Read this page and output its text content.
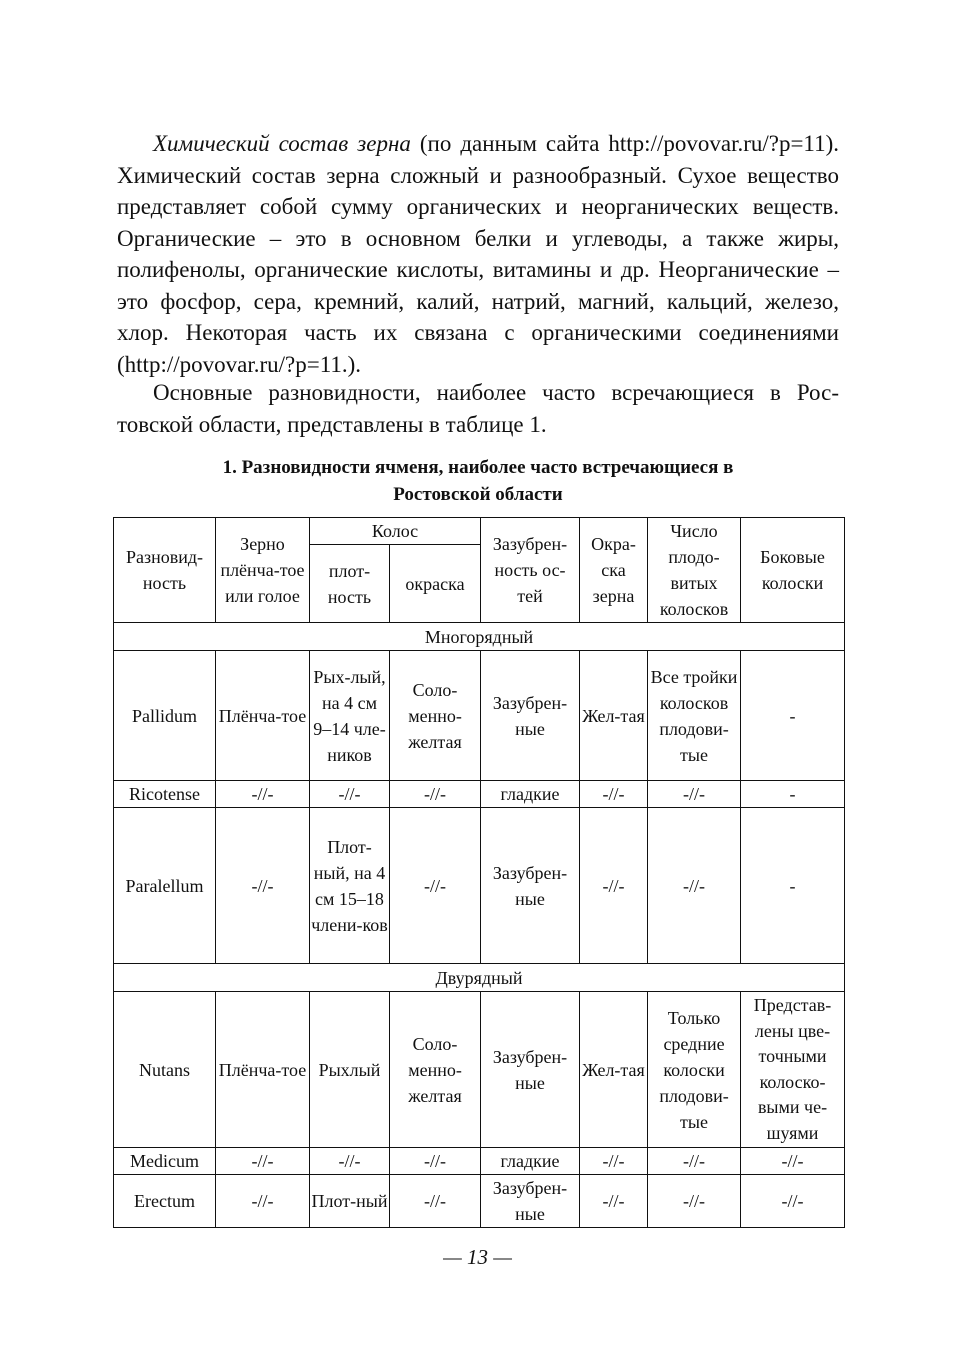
Химический состав зерна (по данным сайта http://povovar.ru/?p=11). Химический состав зерна сложный и разнообразный. Сухое вещество представляет собой сумму органических и неорганических веществ. Органические – это в основном белки и углеводы, а также жиры, полифенолы, органические кислоты, витамины и др. Неорганические – это фосфор, сера, кремний, калий, натрий, магний, кальций, железо, хлор. Некоторая часть их связана с органическими соединениями (http://povovar.ru/?p=11.).

Основные разновидности, наиболее часто всречающиеся в Ростовской области, представлены в таблице 1.

1. Разновидности ячменя, наиболее часто встречающиеся в
Ростовской области
Разновид-ность	Зерно плёнча-тое или голое	Колос		Зазубрен-ность ос-тей	Окра-ска зерна	Число плодо-витых колосков	Боковые колоски
		плот-ность	окраска				
Многорядный							
Pallidum	Плёнча-тое	Рых-лый, на 4 см 9–14 чле-ников	Соло-менно-желтая	Зазубрен-ные	Жел-тая	Все тройки колосков плодови-тые	-
Ricotense	-//-	-//-	-//-	гладкие	-//-	-//-	-
Paralellum	-//-	Плот-ный, на 4 см 15–18 члени-ков	-//-	Зазубрен-ные	-//-	-//-	-
Двурядный							
Nutans	Плёнча-тое	Рыхлый	Соло-менно-желтая	Зазубрен-ные	Жел-тая	Только средние колоски плодови-тые	Представ-лены цве-точными колоско-выми че-шуями
Medicum	-//-	-//-	-//-	гладкие	-//-	-//-	-//-
Erectum	-//-	Плот-ный	-//-	Зазубрен-ные	-//-	-//-	-//-
— 13 —
